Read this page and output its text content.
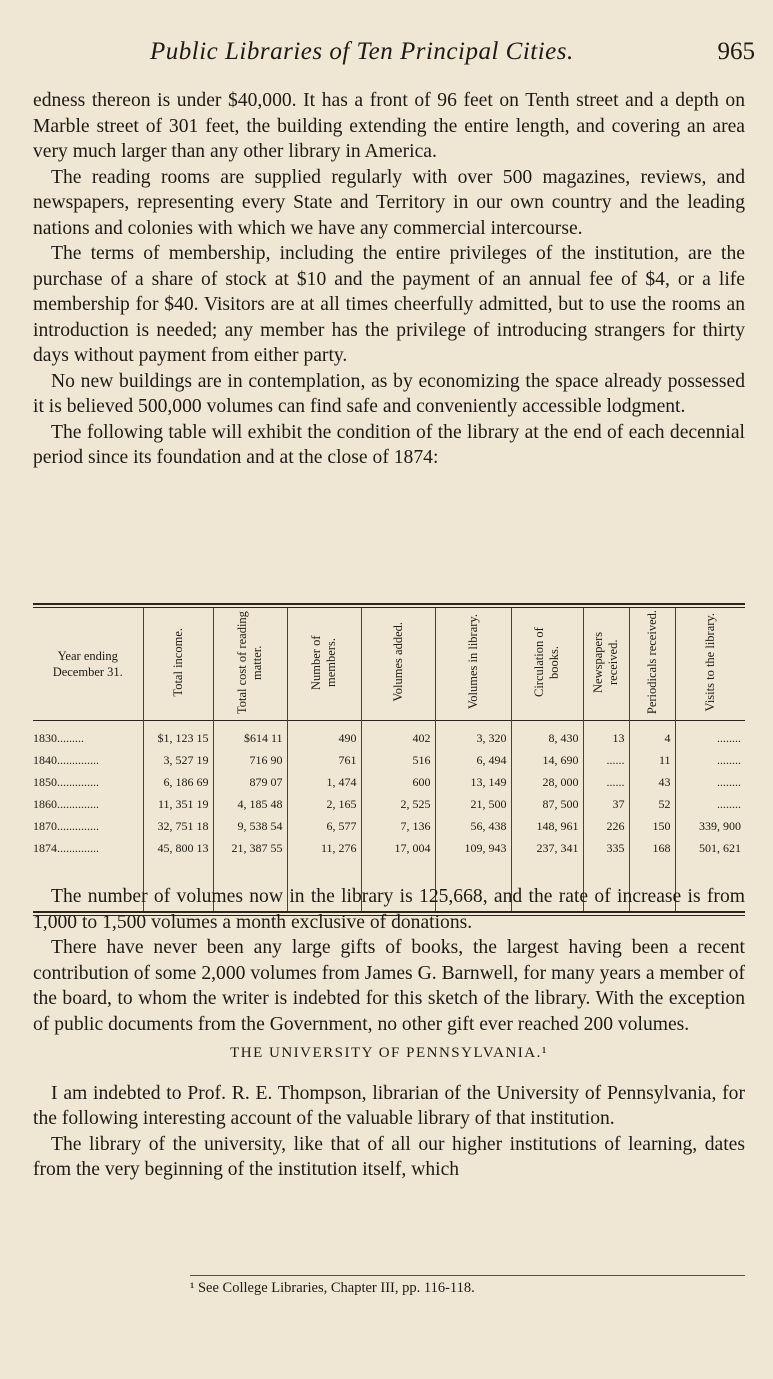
Public Libraries of Ten Principal Cities.	965

edness thereon is under $40,000. It has a front of 96 feet on Tenth street and a depth on Marble street of 301 feet, the building extending the entire length, and covering an area very much larger than any other library in America.

The reading rooms are supplied regularly with over 500 magazines, reviews, and newspapers, representing every State and Territory in our own country and the leading nations and colonies with which we have any commercial intercourse.

The terms of membership, including the entire privileges of the institution, are the purchase of a share of stock at $10 and the payment of an annual fee of $4, or a life membership for $40. Visitors are at all times cheerfully admitted, but to use the rooms an introduction is needed; any member has the privilege of introducing strangers for thirty days without payment from either party.

No new buildings are in contemplation, as by economizing the space already possessed it is believed 500,000 volumes can find safe and conveniently accessible lodgment.

The following table will exhibit the condition of the library at the end of each decennial period since its foundation and at the close of 1874:

Year ending December 31.	Total income.	Total cost of reading matter.	Number of members.	Volumes added.	Volumes in library.	Circulation of books.	Newspapers received.	Periodicals received.	Visits to the library.

1830.........	$1, 123 15	$614 11	490	402	3, 320	8, 430	13	4	........
1840..............	3, 527 19	716 90	761	516	6, 494	14, 690	......	11	........
1850..............	6, 186 69	879 07	1, 474	600	13, 149	28, 000	......	43	........
1860..............	11, 351 19	4, 185 48	2, 165	2, 525	21, 500	87, 500	37	52	........
1870..............	32, 751 18	9, 538 54	6, 577	7, 136	56, 438	148, 961	226	150	339, 900
1874..............	45, 800 13	21, 387 55	11, 276	17, 004	109, 943	237, 341	335	168	501, 621

The number of volumes now in the library is 125,668, and the rate of increase is from 1,000 to 1,500 volumes a month exclusive of donations.

There have never been any large gifts of books, the largest having been a recent contribution of some 2,000 volumes from James G. Barnwell, for many years a member of the board, to whom the writer is indebted for this sketch of the library. With the exception of public documents from the Government, no other gift ever reached 200 volumes.

THE UNIVERSITY OF PENNSYLVANIA.¹

I am indebted to Prof. R. E. Thompson, librarian of the University of Pennsylvania, for the following interesting account of the valuable library of that institution.

The library of the university, like that of all our higher institutions of learning, dates from the very beginning of the institution itself, which

¹ See College Libraries, Chapter III, pp. 116-118.
